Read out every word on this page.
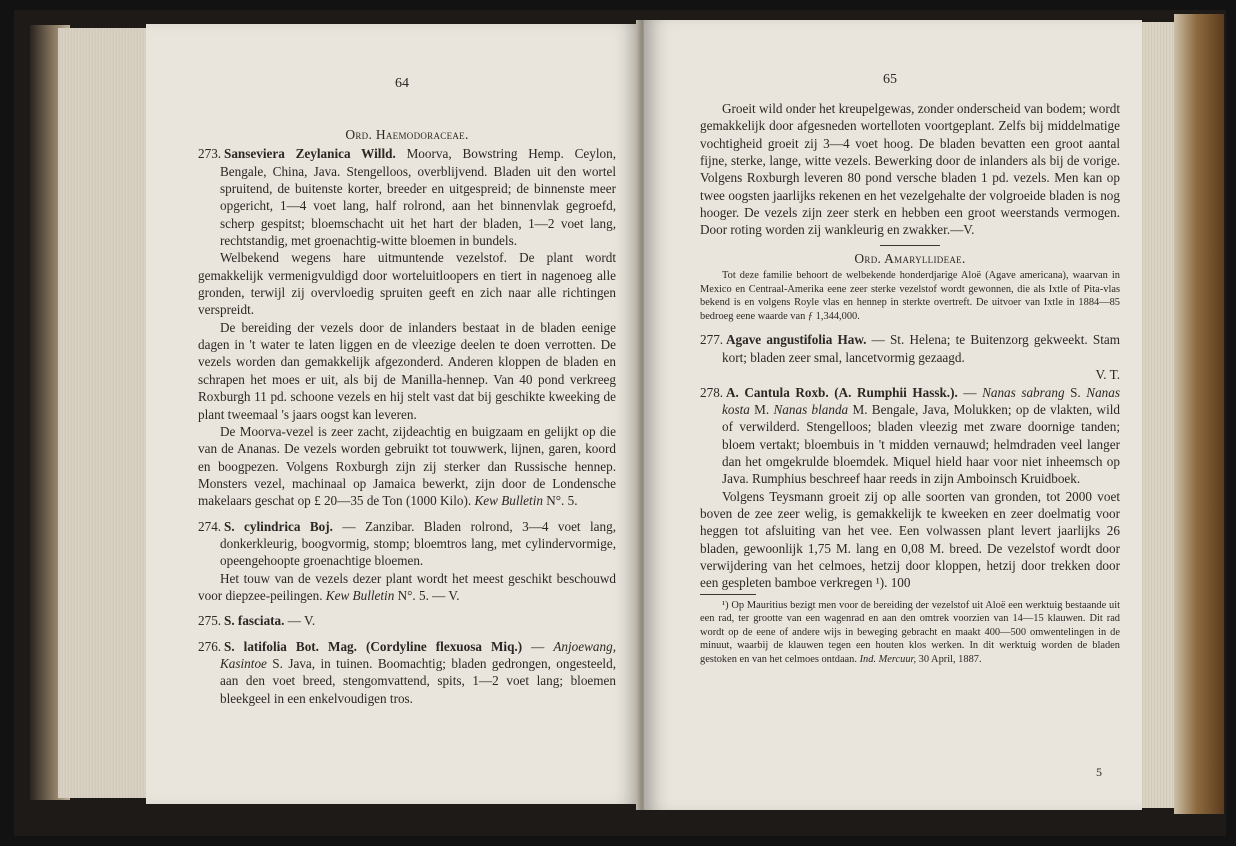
64

Ord. Haemodoraceae.

273. Sanseviera Zeylanica Willd. Moorva, Bowstring Hemp. Ceylon, Bengale, China, Java. Stengelloos, overblijvend. Bladen uit den wortel spruitend, de buitenste korter, breeder en uitgespreid; de binnenste meer opgericht, 1—4 voet lang, half rolrond, aan het binnenvlak gegroefd, scherp gespitst; bloemschacht uit het hart der bladen, 1—2 voet lang, rechtstandig, met groenachtig-witte bloemen in bundels.

Welbekend wegens hare uitmuntende vezelstof. De plant wordt gemakkelijk vermenigvuldigd door worteluitloopers en tiert in nagenoeg alle gronden, terwijl zij overvloedig spruiten geeft en zich naar alle richtingen verspreidt.

De bereiding der vezels door de inlanders bestaat in de bladen eenige dagen in 't water te laten liggen en de vleezige deelen te doen verrotten. De vezels worden dan gemakkelijk afgezonderd. Anderen kloppen de bladen en schrapen het moes er uit, als bij de Manilla-hennep. Van 40 pond verkreeg Roxburgh 11 pd. schoone vezels en hij stelt vast dat bij geschikte kweeking de plant tweemaal 's jaars oogst kan leveren.

De Moorva-vezel is zeer zacht, zijdeachtig en buigzaam en gelijkt op die van de Ananas. De vezels worden gebruikt tot touwwerk, lijnen, garen, koord en boogpezen. Volgens Roxburgh zijn zij sterker dan Russische hennep. Monsters vezel, machinaal op Jamaica bewerkt, zijn door de Londensche makelaars geschat op £ 20—35 de Ton (1000 Kilo). Kew Bulletin N°. 5.

274. S. cylindrica Boj. — Zanzibar. Bladen rolrond, 3—4 voet lang, donkerkleurig, boogvormig, stomp; bloemtros lang, met cylindervormige, opeengehoopte groenachtige bloemen.

Het touw van de vezels dezer plant wordt het meest geschikt beschouwd voor diepzee-peilingen. Kew Bulletin N°. 5. — V.

275. S. fasciata. — V.

276. S. latifolia Bot. Mag. (Cordyline flexuosa Miq.) — Anjoewang, Kasintoe S. Java, in tuinen. Boomachtig; bladen gedrongen, ongesteeld, aan den voet breed, stengomvattend, spits, 1—2 voet lang; bloemen bleekgeel in een enkelvoudigen tros.

65

Groeit wild onder het kreupelgewas, zonder onderscheid van bodem; wordt gemakkelijk door afgesneden wortelloten voortgeplant. Zelfs bij middelmatige vochtigheid groeit zij 3—4 voet hoog. De bladen bevatten een groot aantal fijne, sterke, lange, witte vezels. Bewerking door de inlanders als bij de vorige. Volgens Roxburgh leveren 80 pond versche bladen 1 pd. vezels. Men kan op twee oogsten jaarlijks rekenen en het vezelgehalte der volgroeide bladen is nog hooger. De vezels zijn zeer sterk en hebben een groot weerstands vermogen. Door roting worden zij wankleurig en zwakker.—V.

Ord. Amaryllideae.

Tot deze familie behoort de welbekende honderdjarige Aloë (Agave americana), waarvan in Mexico en Centraal-Amerika eene zeer sterke vezelstof wordt gewonnen, die als Ixtle of Pita-vlas bekend is en volgens Royle vlas en hennep in sterkte overtreft. De uitvoer van Ixtle in 1884—85 bedroeg eene waarde van ƒ 1,344,000.

277. Agave angustifolia Haw. — St. Helena; te Buitenzorg gekweekt. Stam kort; bladen zeer smal, lancetvormig gezaagd.

V. T.

278. A. Cantula Roxb. (A. Rumphii Hassk.). — Nanas sabrang S. Nanas kosta M. Nanas blanda M. Bengale, Java, Molukken; op de vlakten, wild of verwilderd. Stengelloos; bladen vleezig met zware doornige tanden; bloem vertakt; bloembuis in 't midden vernauwd; helmdraden veel langer dan het omgekrulde bloemdek. Miquel hield haar voor niet inheemsch op Java. Rumphius beschreef haar reeds in zijn Amboinsch Kruidboek.

Volgens Teysmann groeit zij op alle soorten van gronden, tot 2000 voet boven de zee zeer welig, is gemakkelijk te kweeken en zeer doelmatig voor heggen tot afsluiting van het vee. Een volwassen plant levert jaarlijks 26 bladen, gewoonlijk 1,75 M. lang en 0,08 M. breed. De vezelstof wordt door verwijdering van het celmoes, hetzij door kloppen, hetzij door trekken door een gespleten bamboe verkregen ¹). 100

¹) Op Mauritius bezigt men voor de bereiding der vezelstof uit Aloë een werktuig bestaande uit een rad, ter grootte van een wagenrad en aan den omtrek voorzien van 14—15 klauwen. Dit rad wordt op de eene of andere wijs in beweging gebracht en maakt 400—500 omwentelingen in de minuut, waarbij de klauwen tegen een houten klos werken. In dit werktuig worden de bladen gestoken en van het celmoes ontdaan. Ind. Mercuur, 30 April, 1887.

5
